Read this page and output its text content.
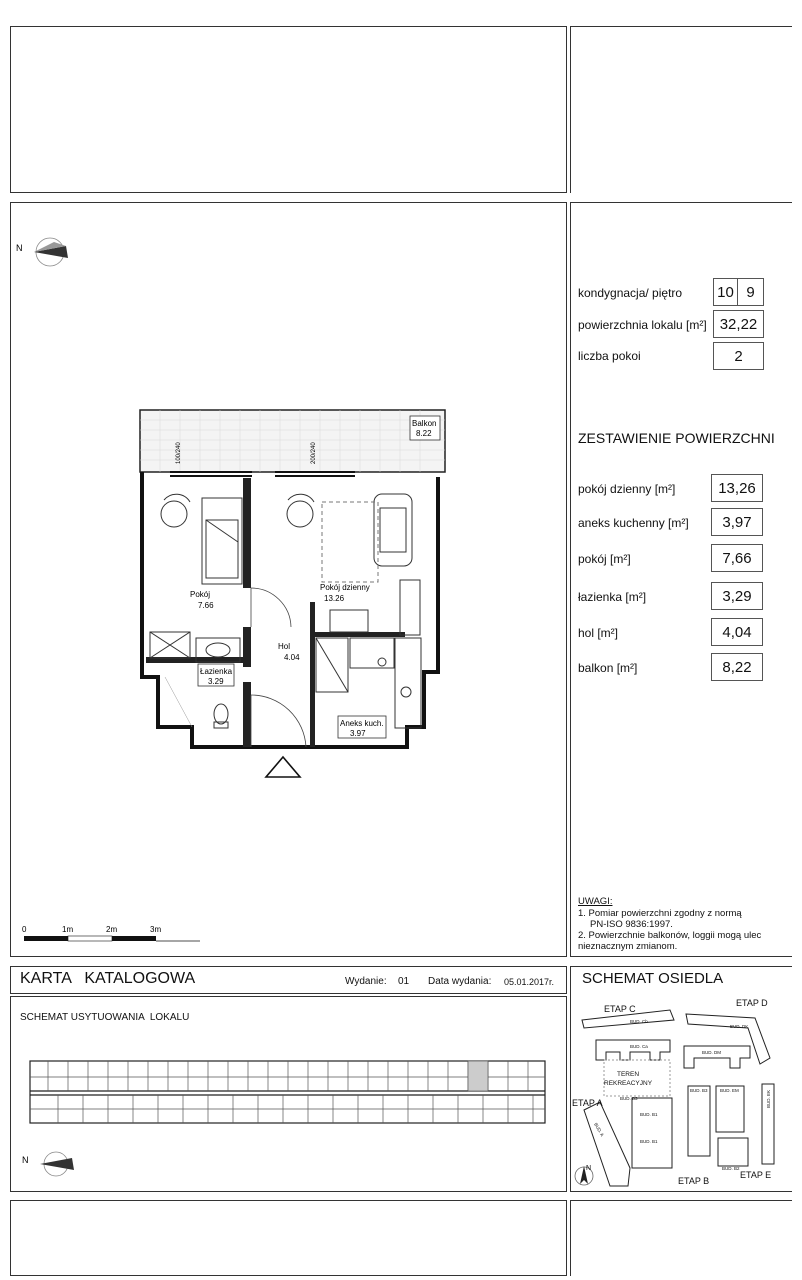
kondygnacja/ piętro 10 9
powierzchnia lokalu [m²] 32,22
liczba pokoi	2
ZESTAWIENIE POWIERZCHNI
pokój dzienny [m²]	13,26
aneks kuchenny [m²]	3,97
pokój [m²]	7,66
łazienka [m²]	3,29
hol [m²]	4,04
balkon [m²]	8,22
UWAGI:
1. Pomiar powierzchni zgodny z normą
PN-ISO 9836:1997.
2. Powierzchnie balkonów, loggii mogą ulec
nieznacznym zmianom.
N
Balkon
8.22
100/240	200/240
Pokój
7.66
Pokój dzienny
13.26
Łazienka
3.29
Hol
4.04
Aneks kuch.
3.97
0	1m	2m	3m
KARTA   KATALOGOWA	Wydanie: 01 Data wydania: 05.01.2017r.
SCHEMAT USYTUOWANIA  LOKALU
N
SCHEMAT OSIEDLA
ETAP C
ETAP D
ETAP A
ETAP B
ETAP E
TEREN
REKREACYJNY
BUD. Cb
BUD. Ca
BUD. DK
BUD. DM
BUD. B3	BUD. EM	BUD. EK
BUD. B1
BUD. B1
BUD. B2
BUD. A
BUD. B3
N
